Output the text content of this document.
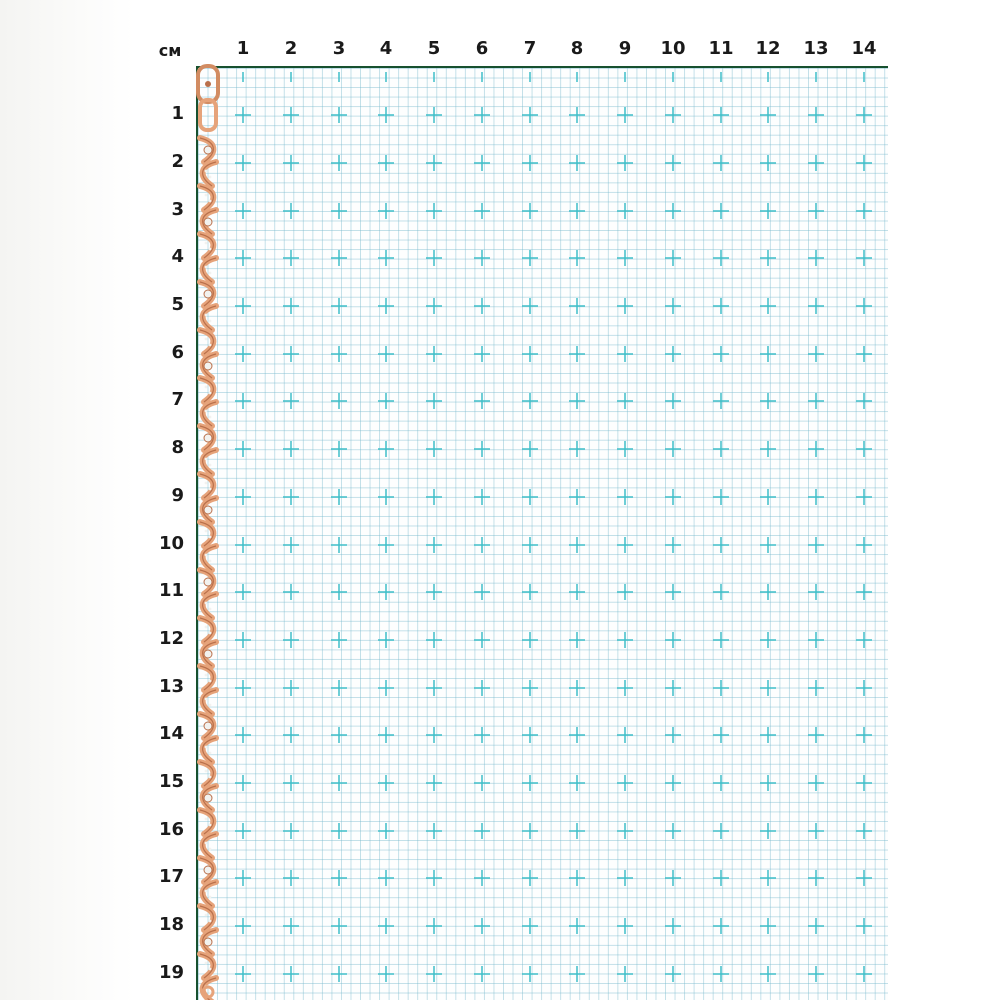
см	1	2	3	4	5	6	7	8	9	10	11	12	13	14
1
2
3
4
5
6
7
8
9
10
11
12
13
14
15
16
17
18
19
